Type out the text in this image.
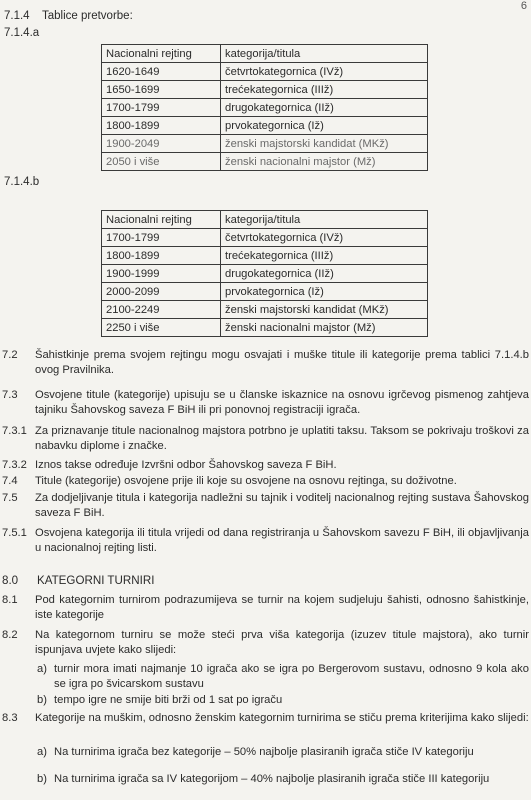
6
7.1.4 Tablice pretvorbe:
7.1.4.a
Nacionalni rejting	kategorija/titula
1620-1649	četvrtokategornica (IVž)
1650-1699	trećekategornica (IIIž)
1700-1799	drugokategornica (IIž)
1800-1899	prvokategornica (Iž)
1900-2049	ženski majstorski kandidat (MKž)
2050 i više	ženski nacionalni majstor (Mž)
7.1.4.b
Nacionalni rejting	kategorija/titula
1700-1799	četvrtokategornica (IVž)
1800-1899	trećekategornica (IIIž)
1900-1999	drugokategornica (IIž)
2000-2099	prvokategornica (Iž)
2100-2249	ženski majstorski kandidat (MKž)
2250 i više	ženski nacionalni majstor (Mž)
7.2 Šahistkinje prema svojem rejtingu mogu osvajati i muške titule ili kategorije prema tablici 7.1.4.b ovog Pravilnika.
7.3 Osvojene titule (kategorije) upisuju se u članske iskaznice na osnovu igrčevog pismenog zahtjeva tajniku Šahovskog saveza F BiH ili pri ponovnoj registraciji igrača.
7.3.1 Za priznavanje titule nacionalnog majstora potrbno je uplatiti taksu. Taksom se pokrivaju troškovi za nabavku diplome i značke.
7.3.2 Iznos takse određuje Izvršni odbor Šahovskog saveza F BiH.
7.4 Titule (kategorije) osvojene prije ili koje su osvojene na osnovu rejtinga, su doživotne.
7.5 Za dodjeljivanje titula i kategorija nadležni su tajnik i voditelj nacionalnog rejting sustava Šahovskog saveza F BiH.
7.5.1 Osvojena kategorija ili titula vrijedi od dana registriranja u Šahovskom savezu F BiH, ili objavljivanja u nacionalnoj rejting listi.
8.0 KATEGORNI TURNIRI
8.1 Pod kategornim turnirom podrazumijeva se turnir na kojem sudjeluju šahisti, odnosno šahistkinje, iste kategorije
8.2 Na kategornom turniru se može steći prva viša kategorija (izuzev titule majstora), ako turnir ispunjava uvjete kako slijedi:
a) turnir mora imati najmanje 10 igrača ako se igra po Bergerovom sustavu, odnosno 9 kola ako se igra po švicarskom sustavu
b) tempo igre ne smije biti brži od 1 sat po igraču
8.3 Kategorije na muškim, odnosno ženskim kategornim turnirima se stiču prema kriterijima kako slijedi:
a) Na turnirima igrača bez kategorije – 50% najbolje plasiranih igrača stiče IV kategoriju
b) Na turnirima igrača sa IV kategorijom – 40% najbolje plasiranih igrača stiče III kategoriju
